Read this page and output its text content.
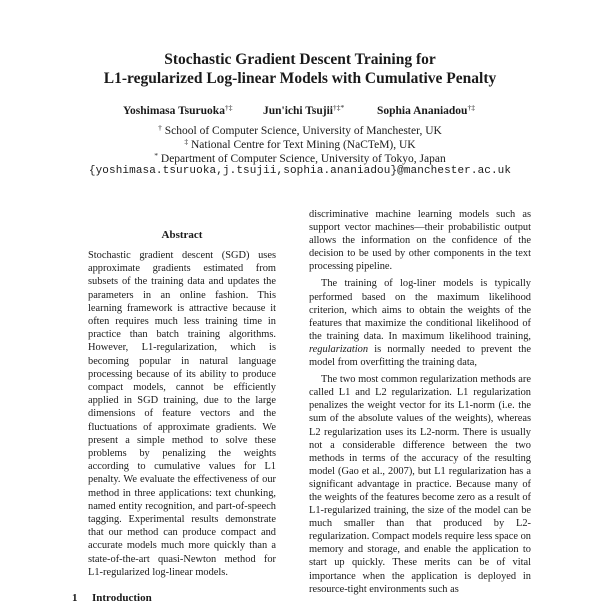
Stochastic Gradient Descent Training for
L1-regularized Log-linear Models with Cumulative Penalty
Yoshimasa Tsuruoka†‡	Jun'ichi Tsujii†‡*	Sophia Ananiadou†‡
† School of Computer Science, University of Manchester, UK
‡ National Centre for Text Mining (NaCTeM), UK
* Department of Computer Science, University of Tokyo, Japan
{yoshimasa.tsuruoka,j.tsujii,sophia.ananiadou}@manchester.ac.uk
Abstract
Stochastic gradient descent (SGD) uses approximate gradients estimated from subsets of the training data and updates the parameters in an online fashion. This learning framework is attractive because it often requires much less training time in practice than batch training algorithms. However, L1-regularization, which is becoming popular in natural language processing because of its ability to produce compact models, cannot be efficiently applied in SGD training, due to the large dimensions of feature vectors and the fluctuations of approximate gradients. We present a simple method to solve these problems by penalizing the weights according to cumulative values for L1 penalty. We evaluate the effectiveness of our method in three applications: text chunking, named entity recognition, and part-of-speech tagging. Experimental results demonstrate that our method can produce compact and accurate models much more quickly than a state-of-the-art quasi-Newton method for L1-regularized log-linear models.
1 Introduction

discriminative machine learning models such as support vector machines—their probabilistic output allows the information on the confidence of the decision to be used by other components in the text processing pipeline.

The training of log-liner models is typically performed based on the maximum likelihood criterion, which aims to obtain the weights of the features that maximize the conditional likelihood of the training data. In maximum likelihood training, regularization is normally needed to prevent the model from overfitting the training data,

The two most common regularization methods are called L1 and L2 regularization. L1 regularization penalizes the weight vector for its L1-norm (i.e. the sum of the absolute values of the weights), whereas L2 regularization uses its L2-norm. There is usually not a considerable difference between the two methods in terms of the accuracy of the resulting model (Gao et al., 2007), but L1 regularization has a significant advantage in practice. Because many of the weights of the features become zero as a result of L1-regularized training, the size of the model can be much smaller than that produced by L2-regularization. Compact models require less space on memory and storage, and enable the application to start up quickly. These merits can be of vital importance when the application is deployed in resource-tight environments such as
